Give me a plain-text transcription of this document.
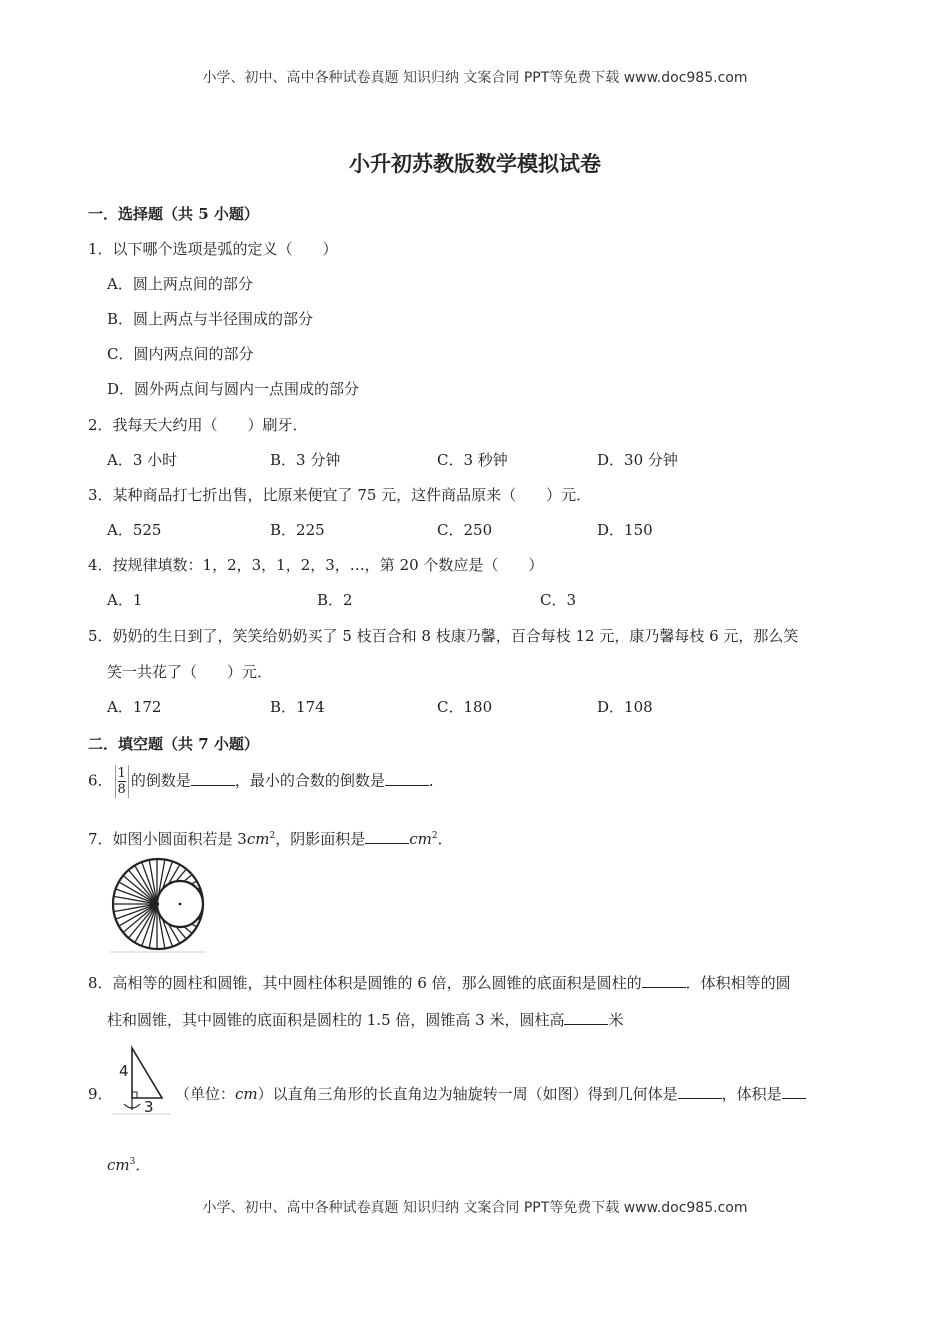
小学、初中、高中各种试卷真题 知识归纳 文案合同 PPT等免费下载 www.doc985.com
小升初苏教版数学模拟试卷
一．选择题（共 5 小题）
1．以下哪个选项是弧的定义（　　）
A．圆上两点间的部分
B．圆上两点与半径围成的部分
C．圆内两点间的部分
D．圆外两点间与圆内一点围成的部分
2．我每天大约用（　　）刷牙．
A．3 小时	B．3 分钟	C．3 秒钟	D．30 分钟
3．某种商品打七折出售，比原来便宜了 75 元，这件商品原来（　　）元．
A．525	B．225	C．250	D．150
4．按规律填数：1，2，3，1，2，3，…，第 20 个数应是（　　）
A．1	B．2	C．3
5．奶奶的生日到了，笑笑给奶奶买了 5 枝百合和 8 枝康乃馨，百合每枝 12 元，康乃馨每枝 6 元，那么笑
笑一共花了（　　）元．
A．172	B．174	C．180	D．108
二．填空题（共 7 小题）
6． $\frac{1}{8}$ 的倒数是	，最小的合数的倒数是	．
7．如图小圆面积若是 $3cm^2$，阴影面积是	$cm^2$．
8．高相等的圆柱和圆锥，其中圆柱体积是圆锥的 6 倍，那么圆锥的底面积是圆柱的	．体积相等的圆
柱和圆锥，其中圆锥的底面积是圆柱的 1.5 倍，圆锥高 3 米，圆柱高	米
9．
4
3
（单位：cm）以直角三角形的长直角边为轴旋转一周（如图）得到几何体是	，体积是
$cm^3$．
小学、初中、高中各种试卷真题 知识归纳 文案合同 PPT等免费下载 www.doc985.com
